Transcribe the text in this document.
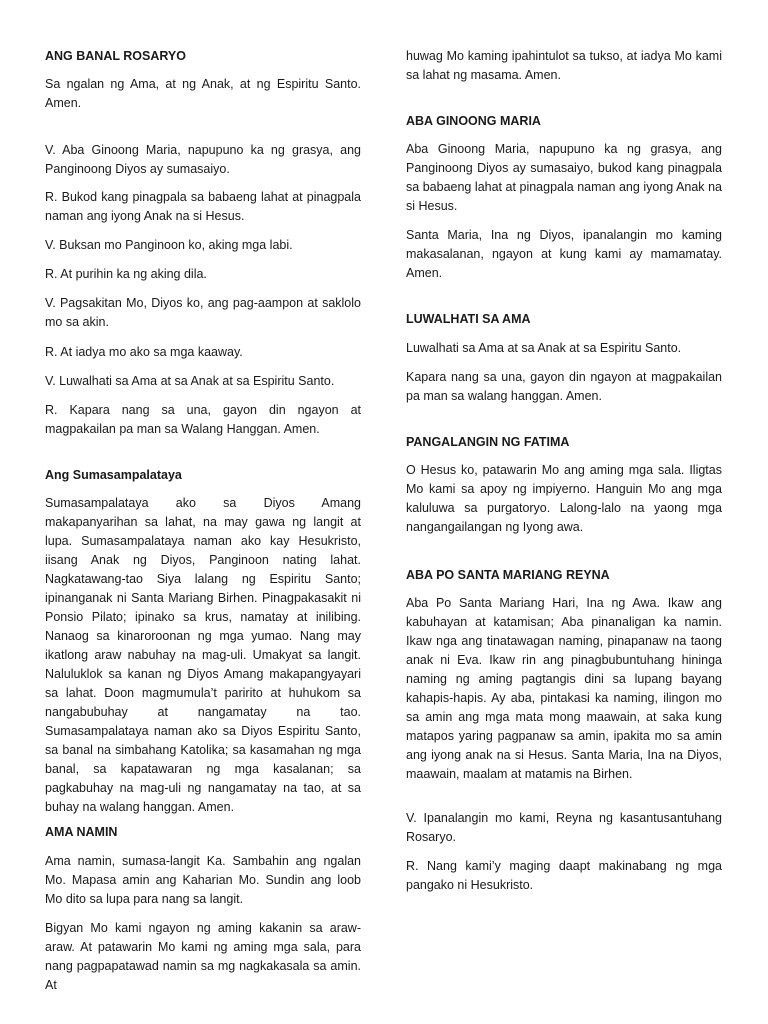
ANG BANAL ROSARYO

Sa ngalan ng Ama, at ng Anak, at ng Espiritu Santo. Amen.

V. Aba Ginoong Maria, napupuno ka ng grasya, ang Panginoong Diyos ay sumasaiyo.

R. Bukod kang pinagpala sa babaeng lahat at pinagpala naman ang iyong Anak na si Hesus.

V. Buksan mo Panginoon ko, aking mga labi.

R. At purihin ka ng aking dila.

V. Pagsakitan Mo, Diyos ko, ang pag-aampon at saklolo mo sa akin.

R. At iadya mo ako sa mga kaaway.

V. Luwalhati sa Ama at sa Anak at sa Espiritu Santo.

R. Kapara nang sa una, gayon din ngayon at magpakailan pa man sa Walang Hanggan. Amen.

Ang Sumasampalataya

Sumasampalataya ako sa Diyos Amang makapanyarihan sa lahat, na may gawa ng langit at lupa. Sumasampalataya naman ako kay Hesukristo, iisang Anak ng Diyos, Panginoon nating lahat. Nagkatawang-tao Siya lalang ng Espiritu Santo; ipinanganak ni Santa Mariang Birhen. Pinagpakasakit ni Ponsio Pilato; ipinako sa krus, namatay at inilibing. Nanaog sa kinaroroonan ng mga yumao. Nang may ikatlong araw nabuhay na mag-uli. Umakyat sa langit. Naluluklok sa kanan ng Diyos Amang makapangyayari sa lahat. Doon magmumula’t paririto at huhukom sa nangabubuhay at nangamatay na tao. Sumasampalataya naman ako sa Diyos Espiritu Santo, sa banal na simbahang Katolika; sa kasamahan ng mga banal, sa kapatawaran ng mga kasalanan; sa pagkabuhay na mag-uli ng nangamatay na tao, at sa buhay na walang hanggan. Amen.

AMA NAMIN

Ama namin, sumasa-langit Ka. Sambahin ang ngalan Mo. Mapasa amin ang Kaharian Mo. Sundin ang loob Mo dito sa lupa para nang sa langit.

Bigyan Mo kami ngayon ng aming kakanin sa araw-araw. At patawarin Mo kami ng aming mga sala, para nang pagpapatawad namin sa mg nagkakasala sa amin. At

huwag Mo kaming ipahintulot sa tukso, at iadya Mo kami sa lahat ng masama. Amen.

ABA GINOONG MARIA

Aba Ginoong Maria, napupuno ka ng grasya, ang Panginoong Diyos ay sumasaiyo, bukod kang pinagpala sa babaeng lahat at pinagpala naman ang iyong Anak na si Hesus.

Santa Maria, Ina ng Diyos, ipanalangin mo kaming makasalanan, ngayon at kung kami ay mamamatay. Amen.

LUWALHATI SA AMA

Luwalhati sa Ama at sa Anak at sa Espiritu Santo.

Kapara nang sa una, gayon din ngayon at magpakailan pa man sa walang hanggan. Amen.

PANGALANGIN NG FATIMA

O Hesus ko, patawarin Mo ang aming mga sala. Iligtas Mo kami sa apoy ng impiyerno. Hanguin Mo ang mga kaluluwa sa purgatoryo. Lalong-lalo na yaong mga nangangailangan ng Iyong awa.

ABA PO SANTA MARIANG REYNA

Aba Po Santa Mariang Hari, Ina ng Awa. Ikaw ang kabuhayan at katamisan; Aba pinanaligan ka namin. Ikaw nga ang tinatawagan naming, pinapanaw na taong anak ni Eva. Ikaw rin ang pinagbubuntuhang hininga naming ng aming pagtangis dini sa lupang bayang kahapis-hapis. Ay aba, pintakasi ka naming, ilingon mo sa amin ang mga mata mong maawain, at saka kung matapos yaring pagpanaw sa amin, ipakita mo sa amin ang iyong anak na si Hesus. Santa Maria, Ina na Diyos, maawain, maalam at matamis na Birhen.

V. Ipanalangin mo kami, Reyna ng kasantusantuhang Rosaryo.

R. Nang kami’y maging daapt makinabang ng mga pangako ni Hesukristo.
